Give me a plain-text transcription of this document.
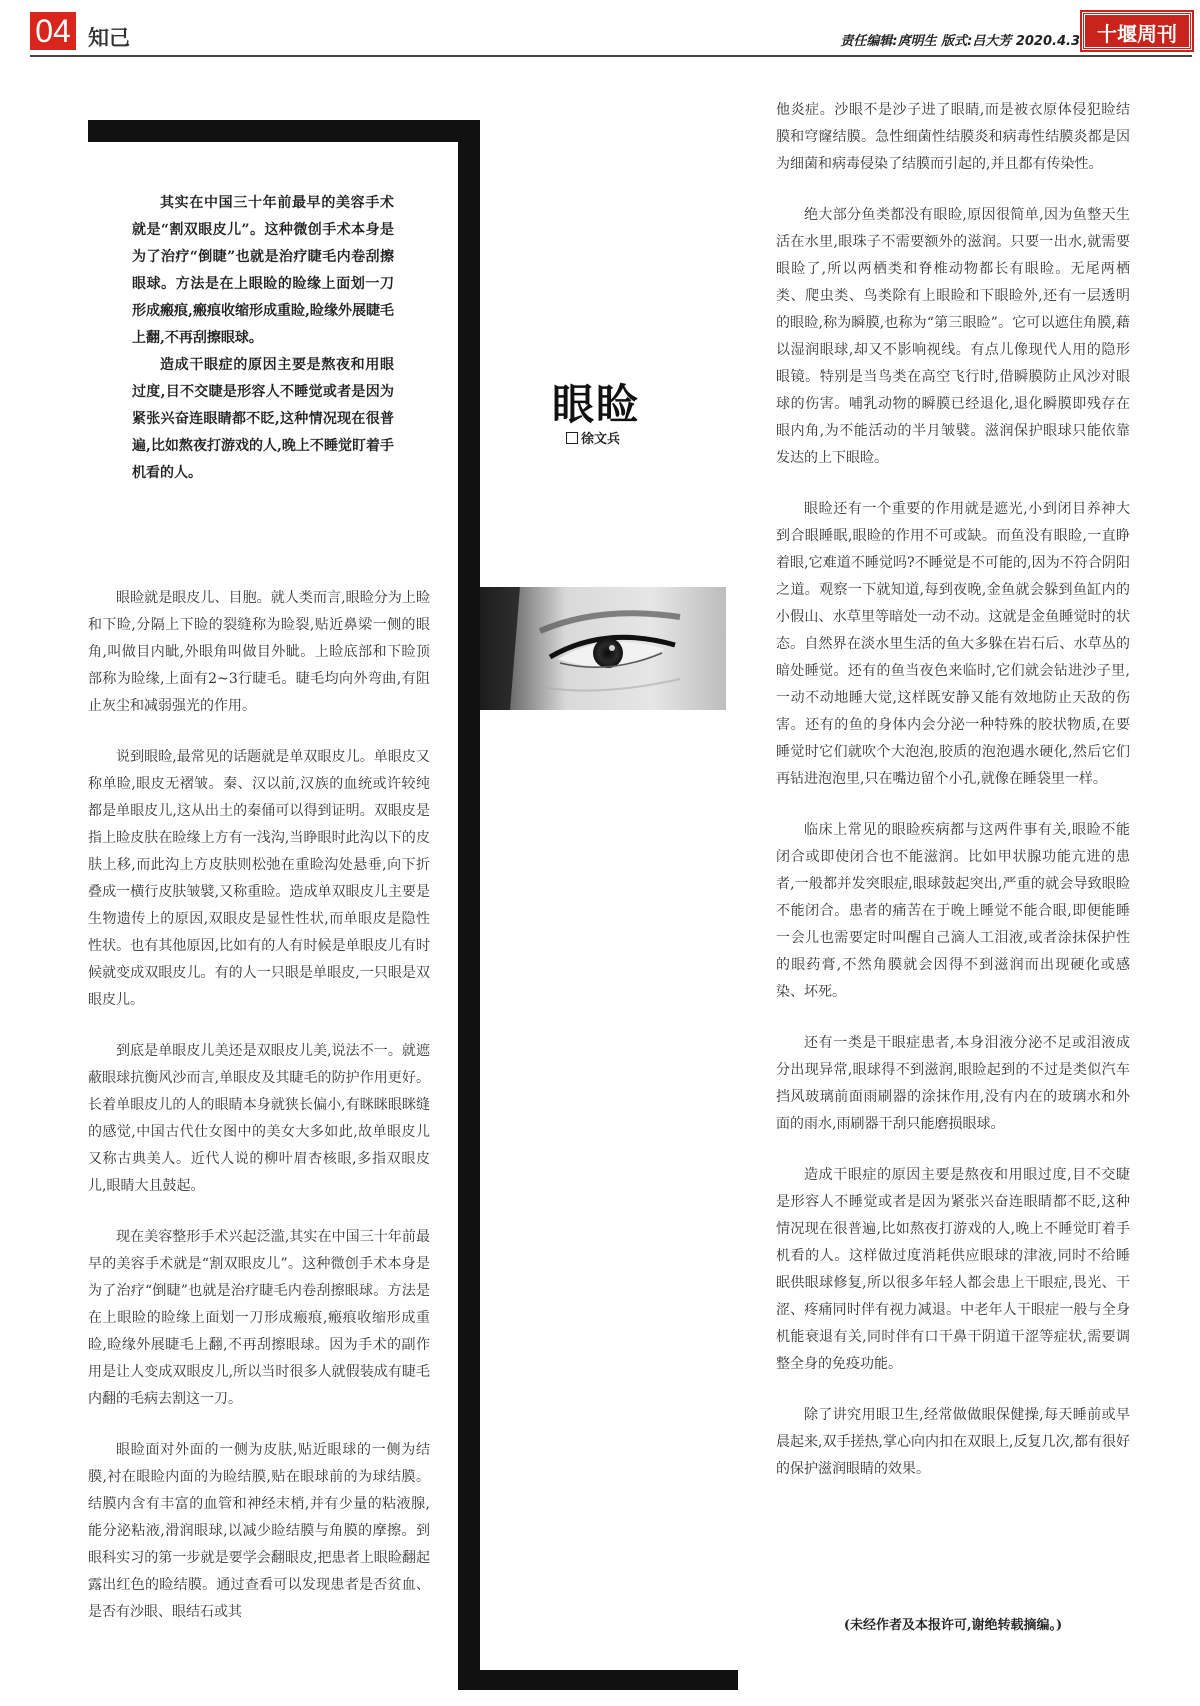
04 知己	责任编辑:庹明生 版式:吕大芳 2020.4.3 十堰周刊

其实在中国三十年前最早的美容手术就是“割双眼皮儿”。这种微创手术本身是为了治疗“倒睫”也就是治疗睫毛内卷刮擦眼球。方法是在上眼睑的睑缘上面划一刀形成瘢痕,瘢痕收缩形成重睑,睑缘外展睫毛上翻,不再刮擦眼球。

造成干眼症的原因主要是熬夜和用眼过度,目不交睫是形容人不睡觉或者是因为紧张兴奋连眼睛都不眨,这种情况现在很普遍,比如熬夜打游戏的人,晚上不睡觉盯着手机看的人。

眼睑
徐文兵

眼睑就是眼皮儿、目胞。就人类而言,眼睑分为上睑和下睑,分隔上下睑的裂缝称为睑裂,贴近鼻梁一侧的眼角,叫做目内眦,外眼角叫做目外眦。上睑底部和下睑顶部称为睑缘,上面有2~3行睫毛。睫毛均向外弯曲,有阻止灰尘和减弱强光的作用。

说到眼睑,最常见的话题就是单双眼皮儿。单眼皮又称单睑,眼皮无褶皱。秦、汉以前,汉族的血统或许较纯都是单眼皮儿,这从出土的秦俑可以得到证明。双眼皮是指上睑皮肤在睑缘上方有一浅沟,当睁眼时此沟以下的皮肤上移,而此沟上方皮肤则松弛在重睑沟处悬垂,向下折叠成一横行皮肤皱襞,又称重睑。造成单双眼皮儿主要是生物遗传上的原因,双眼皮是显性性状,而单眼皮是隐性性状。也有其他原因,比如有的人有时候是单眼皮儿有时候就变成双眼皮儿。有的人一只眼是单眼皮,一只眼是双眼皮儿。

到底是单眼皮儿美还是双眼皮儿美,说法不一。就遮蔽眼球抗衡风沙而言,单眼皮及其睫毛的防护作用更好。长着单眼皮儿的人的眼睛本身就狭长偏小,有眯眯眼眯缝的感觉,中国古代仕女图中的美女大多如此,故单眼皮儿又称古典美人。近代人说的柳叶眉杏核眼,多指双眼皮儿,眼睛大且鼓起。

现在美容整形手术兴起泛滥,其实在中国三十年前最早的美容手术就是“割双眼皮儿”。这种微创手术本身是为了治疗“倒睫”也就是治疗睫毛内卷刮擦眼球。方法是在上眼睑的睑缘上面划一刀形成瘢痕,瘢痕收缩形成重睑,睑缘外展睫毛上翻,不再刮擦眼球。因为手术的副作用是让人变成双眼皮儿,所以当时很多人就假装成有睫毛内翻的毛病去割这一刀。

眼睑面对外面的一侧为皮肤,贴近眼球的一侧为结膜,衬在眼睑内面的为睑结膜,贴在眼球前的为球结膜。结膜内含有丰富的血管和神经末梢,并有少量的粘液腺,能分泌粘液,滑润眼球,以减少睑结膜与角膜的摩擦。到眼科实习的第一步就是要学会翻眼皮,把患者上眼睑翻起露出红色的睑结膜。通过查看可以发现患者是否贫血、是否有沙眼、眼结石或其

他炎症。沙眼不是沙子进了眼睛,而是被衣原体侵犯睑结膜和穹窿结膜。急性细菌性结膜炎和病毒性结膜炎都是因为细菌和病毒侵染了结膜而引起的,并且都有传染性。

绝大部分鱼类都没有眼睑,原因很简单,因为鱼整天生活在水里,眼珠子不需要额外的滋润。只要一出水,就需要眼睑了,所以两栖类和脊椎动物都长有眼睑。无尾两栖类、爬虫类、鸟类除有上眼睑和下眼睑外,还有一层透明的眼睑,称为瞬膜,也称为“第三眼睑”。它可以遮住角膜,藉以湿润眼球,却又不影响视线。有点儿像现代人用的隐形眼镜。特别是当鸟类在高空飞行时,借瞬膜防止风沙对眼球的伤害。哺乳动物的瞬膜已经退化,退化瞬膜即残存在眼内角,为不能活动的半月皱襞。滋润保护眼球只能依靠发达的上下眼睑。

眼睑还有一个重要的作用就是遮光,小到闭目养神大到合眼睡眠,眼睑的作用不可或缺。而鱼没有眼睑,一直睁着眼,它难道不睡觉吗?不睡觉是不可能的,因为不符合阴阳之道。观察一下就知道,每到夜晚,金鱼就会躲到鱼缸内的小假山、水草里等暗处一动不动。这就是金鱼睡觉时的状态。自然界在淡水里生活的鱼大多躲在岩石后、水草丛的暗处睡觉。还有的鱼当夜色来临时,它们就会钻进沙子里,一动不动地睡大觉,这样既安静又能有效地防止天敌的伤害。还有的鱼的身体内会分泌一种特殊的胶状物质,在要睡觉时它们就吹个大泡泡,胶质的泡泡遇水硬化,然后它们再钻进泡泡里,只在嘴边留个小孔,就像在睡袋里一样。

临床上常见的眼睑疾病都与这两件事有关,眼睑不能闭合或即使闭合也不能滋润。比如甲状腺功能亢进的患者,一般都并发突眼症,眼球鼓起突出,严重的就会导致眼睑不能闭合。患者的痛苦在于晚上睡觉不能合眼,即便能睡一会儿也需要定时叫醒自己滴人工泪液,或者涂抹保护性的眼药膏,不然角膜就会因得不到滋润而出现硬化或感染、坏死。

还有一类是干眼症患者,本身泪液分泌不足或泪液成分出现异常,眼球得不到滋润,眼睑起到的不过是类似汽车挡风玻璃前面雨刷器的涂抹作用,没有内在的玻璃水和外面的雨水,雨刷器干刮只能磨损眼球。

造成干眼症的原因主要是熬夜和用眼过度,目不交睫是形容人不睡觉或者是因为紧张兴奋连眼睛都不眨,这种情况现在很普遍,比如熬夜打游戏的人,晚上不睡觉盯着手机看的人。这样做过度消耗供应眼球的津液,同时不给睡眠供眼球修复,所以很多年轻人都会患上干眼症,畏光、干涩、疼痛同时伴有视力减退。中老年人干眼症一般与全身机能衰退有关,同时伴有口干鼻干阴道干涩等症状,需要调整全身的免疫功能。

除了讲究用眼卫生,经常做做眼保健操,每天睡前或早晨起来,双手搓热,掌心向内扣在双眼上,反复几次,都有很好的保护滋润眼睛的效果。

(未经作者及本报许可,谢绝转载摘编。)
